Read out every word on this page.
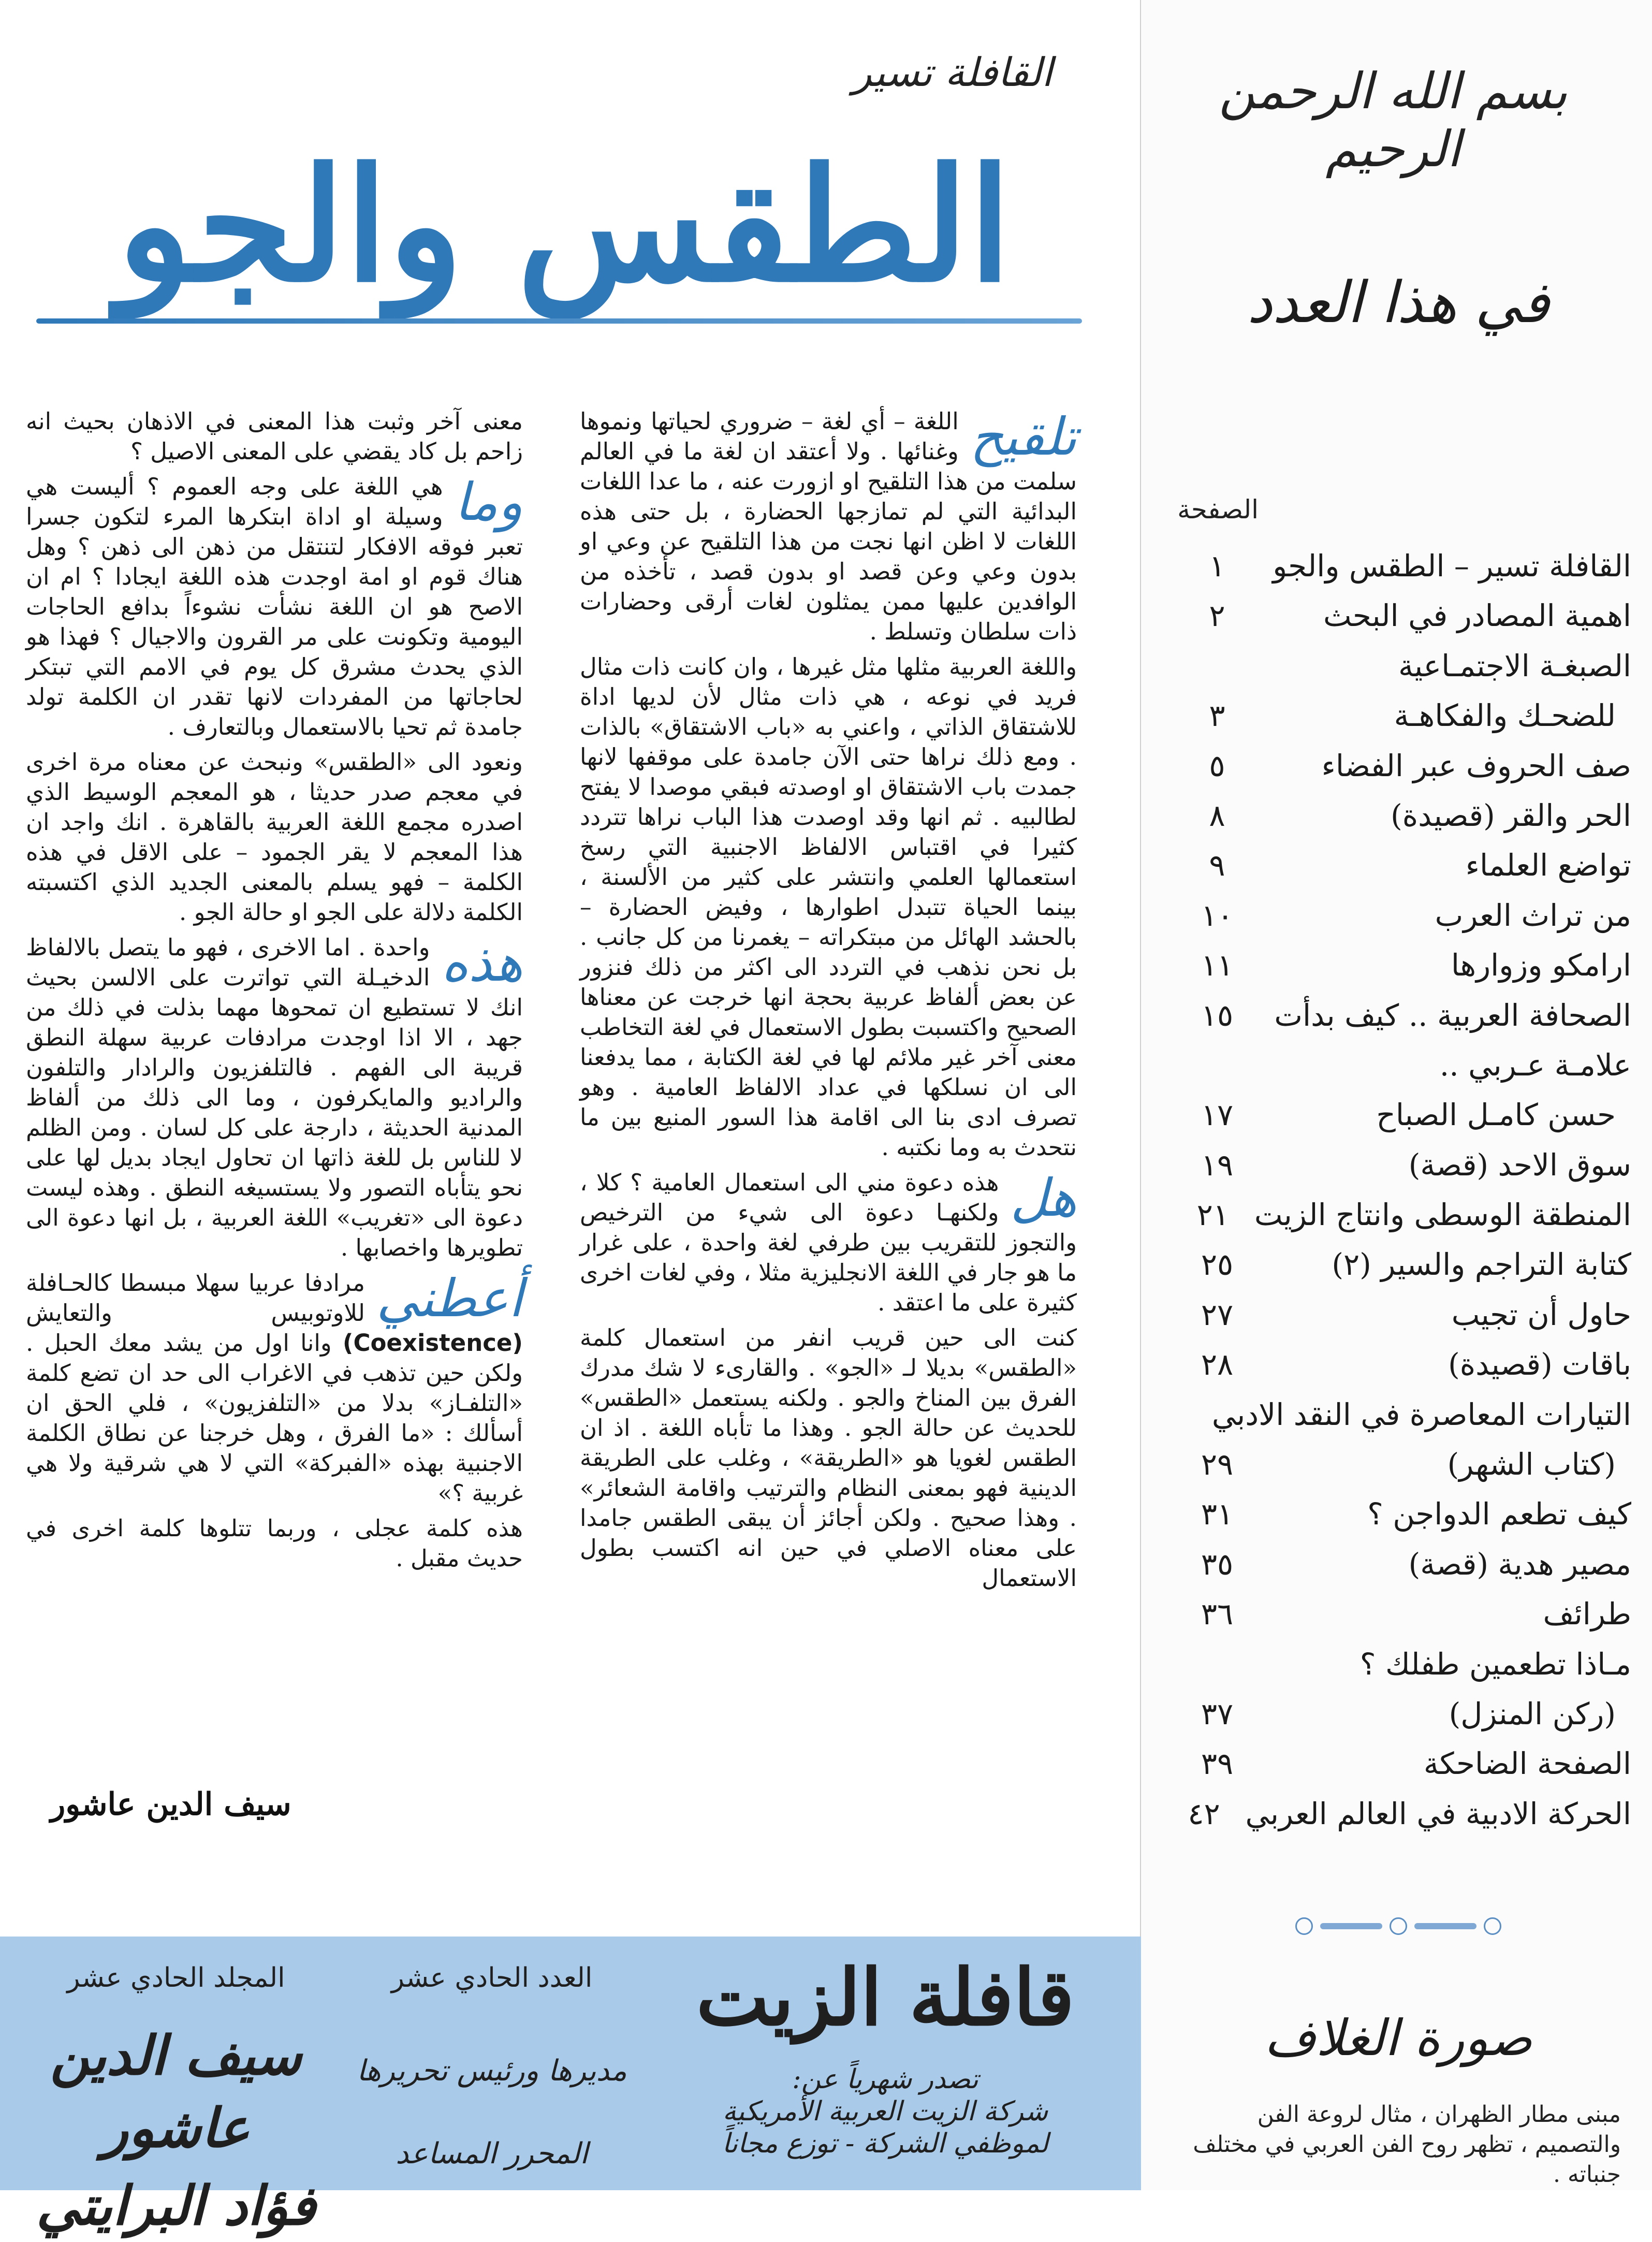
بسم الله الرحمن الرحيم
في هذا العدد
الصفحة
القافلة تسير – الطقس والجو
١
اهمية المصادر في البحث
٢
الصبغـة الاجتمـاعية
للضحـك والفكاهـة
٣
صف الحروف عبر الفضاء
٥
الحر والقر (قصيدة)
٨
تواضع العلماء
٩
من تراث العرب
١٠
ارامكو وزوارها
١١
الصحافة العربية .. كيف بدأت
١٥
علامـة عـربي ..
حسن كامـل الصباح
١٧
سوق الاحد (قصة)
١٩
المنطقة الوسطى وانتاج الزيت
٢١
كتابة التراجم والسير (٢)
٢٥
حاول أن تجيب
٢٧
باقات (قصيدة)
٢٨
التيارات المعاصرة في النقد الادبي
(كتاب الشهر)
٢٩
كيف تطعم الدواجن ؟
٣١
مصير هدية (قصة)
٣٥
طرائف
٣٦
مـاذا تطعمين طفلك ؟
(ركن المنزل)
٣٧
الصفحة الضاحكة
٣٩
الحركة الادبية في العالم العربي
٤٢
صورة الغلاف
مبنى مطار الظهران ، مثال لروعة الفن والتصميم ، تظهر روح الفن العربي في مختلف جنباته .
القافلة تسير
الطقس والجو

تلقيح
اللغة – أي لغة – ضروري لحياتها ونموها وغنائها . ولا أعتقد ان لغة ما في العالم سلمت من هذا التلقيح او ازورت عنه ، ما عدا اللغات البدائية التي لم تمازجها الحضارة ، بل حتى هذه اللغات لا اظن انها نجت من هذا التلقيح عن وعي او بدون وعي وعن قصد او بدون قصد ، تأخذه من الوافدين عليها ممن يمثلون لغات أرقى وحضارات ذات سلطان وتسلط .

واللغة العربية مثلها مثل غيرها ، وان كانت ذات مثال فريد في نوعه ، هي ذات مثال لأن لديها اداة للاشتقاق الذاتي ، واعني به «باب الاشتقاق» بالذات . ومع ذلك نراها حتى الآن جامدة على موقفها لانها جمدت باب الاشتقاق او اوصدته فبقي موصدا لا يفتح لطالبيه . ثم انها وقد اوصدت هذا الباب نراها تتردد كثيرا في اقتباس الالفاظ الاجنبية التي رسخ استعمالها العلمي وانتشر على كثير من الألسنة ، بينما الحياة تتبدل اطوارها ، وفيض الحضارة – بالحشد الهائل من مبتكراته – يغمرنا من كل جانب . بل نحن نذهب في التردد الى اكثر من ذلك فنزور عن بعض ألفاظ عربية بحجة انها خرجت عن معناها الصحيح واكتسبت بطول الاستعمال في لغة التخاطب معنى آخر غير ملائم لها في لغة الكتابة ، مما يدفعنا الى ان نسلكها في عداد الالفاظ العامية . وهو تصرف ادى بنا الى اقامة هذا السور المنيع بين ما نتحدث به وما نكتبه .

هل
هذه دعوة مني الى استعمال العامية ؟ كلا ، ولكنهـا دعوة الى شيء من الترخيص والتجوز للتقريب بين طرفي لغة واحدة ، على غرار ما هو جار في اللغة الانجليزية مثلا ، وفي لغات اخرى كثيرة على ما اعتقد .

كنت الى حين قريب انفر من استعمال كلمة «الطقس» بديلا لـ «الجو» . والقارىء لا شك مدرك الفرق بين المناخ والجو . ولكنه يستعمل «الطقس» للحديث عن حالة الجو . وهذا ما تأباه اللغة . اذ ان الطقس لغويا هو «الطريقة» ، وغلب على الطريقة الدينية فهو بمعنى النظام والترتيب واقامة الشعائر» . وهذا صحيح . ولكن أجائز أن يبقى الطقس جامدا على معناه الاصلي في حين انه اكتسب بطول الاستعمال

معنى آخر وثبت هذا المعنى في الاذهان بحيث انه زاحم بل كاد يقضي على المعنى الاصيل ؟

وما
هي اللغة على وجه العموم ؟ أليست هي وسيلة او اداة ابتكرها المرء لتكون جسرا تعبر فوقه الافكار لتنتقل من ذهن الى ذهن ؟ وهل هناك قوم او امة اوجدت هذه اللغة ايجادا ؟ ام ان الاصح هو ان اللغة نشأت نشوءاً بدافع الحاجات اليومية وتكونت على مر القرون والاجيال ؟ فهذا هو الذي يحدث مشرق كل يوم في الامم التي تبتكر لحاجاتها من المفردات لانها تقدر ان الكلمة تولد جامدة ثم تحيا بالاستعمال وبالتعارف .

ونعود الى «الطقس» ونبحث عن معناه مرة اخرى في معجم صدر حديثا ، هو المعجم الوسيط الذي اصدره مجمع اللغة العربية بالقاهرة . انك واجد ان هذا المعجم لا يقر الجمود – على الاقل في هذه الكلمة – فهو يسلم بالمعنى الجديد الذي اكتسبته الكلمة دلالة على الجو او حالة الجو .

هذه
واحدة . اما الاخرى ، فهو ما يتصل بالالفاظ الدخيـلة التي تواترت على الالسن بحيث انك لا تستطيع ان تمحوها مهما بذلت في ذلك من جهد ، الا اذا اوجدت مرادفات عربية سهلة النطق قريبة الى الفهم . فالتلفزيون والرادار والتلفون والراديو والمايكرفون ، وما الى ذلك من ألفاظ المدنية الحديثة ، دارجة على كل لسان . ومن الظلم لا للناس بل للغة ذاتها ان تحاول ايجاد بديل لها على نحو يتأباه التصور ولا يستسيغه النطق . وهذه ليست دعوة الى «تغريب» اللغة العربية ، بل انها دعوة الى تطويرها واخصابها .

أعطني
مرادفا عربيا سهلا مبسطا كالحـافلة للاوتوبيس والتعايش (Coexistence) وانا اول من يشد معك الحبل . ولكن حين تذهب في الاغراب الى حد ان تضع كلمة «التلفـاز» بدلا من «التلفزيون» ، فلي الحق ان أسألك : «ما الفرق ، وهل خرجنا عن نطاق الكلمة الاجنبية بهذه «الفبركة» التي لا هي شرقية ولا هي غربية ؟»

هذه كلمة عجلى ، وربما تتلوها كلمة اخرى في حديث مقبل .

سيف الدين عاشور
قافلة الزيت
تصدر شهرياً عن:
شركة الزيت العربية الأمريكية
لموظفي الشركة - توزع مجاناً
العدد الحادي عشر
مديرها ورئيس تحريرها
المحرر المساعد
المجلد الحادي عشر
سيف الدين عاشور
فؤاد البرايتي
